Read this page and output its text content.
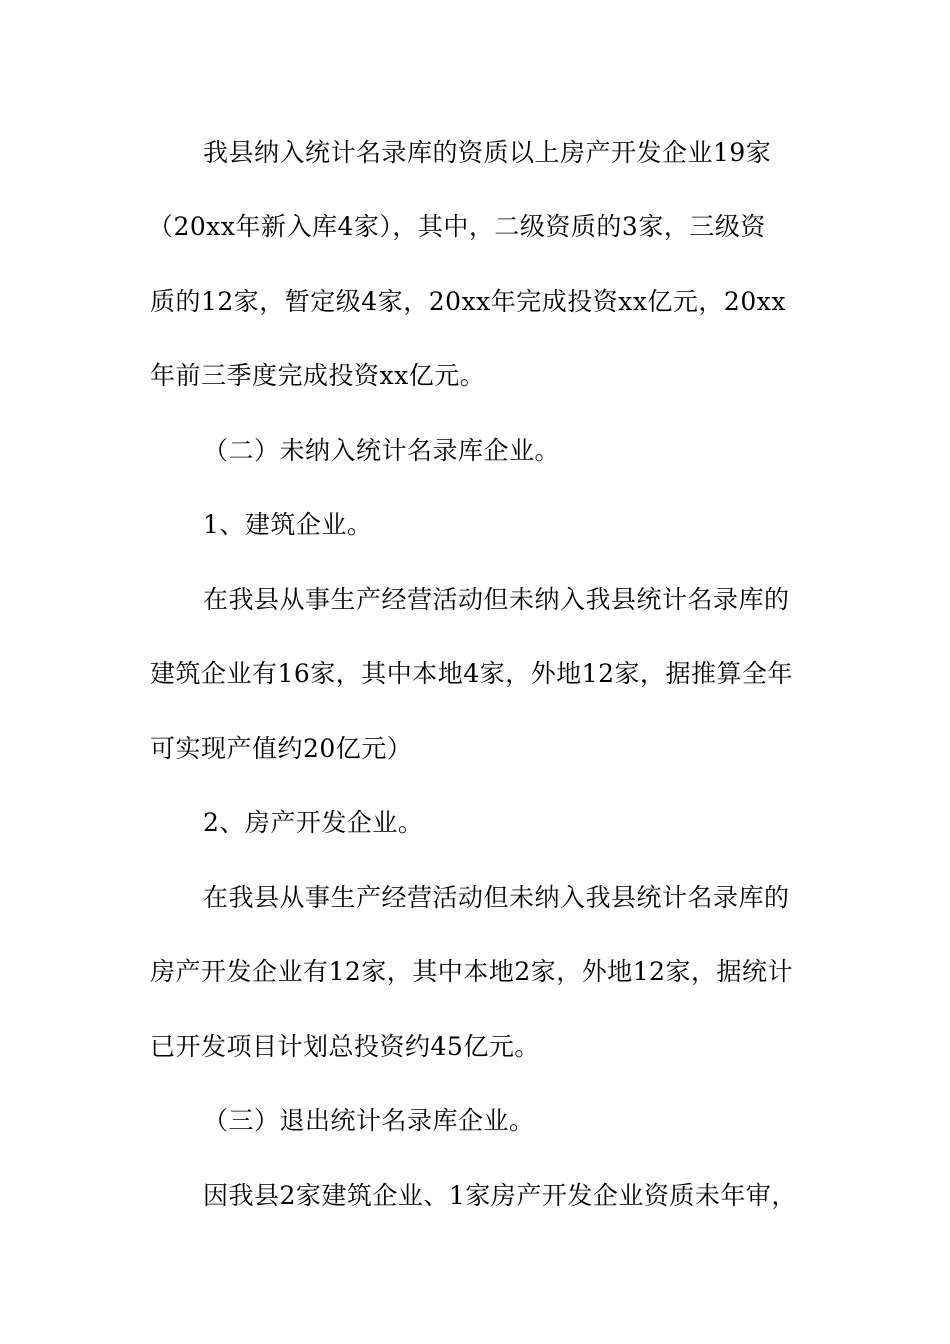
我县纳入统计名录库的资质以上房产开发企业19家
（20xx年新入库4家），其中，二级资质的3家，三级资
质的12家，暂定级4家，20xx年完成投资xx亿元，20xx
年前三季度完成投资xx亿元。
（二）未纳入统计名录库企业。
1、建筑企业。
在我县从事生产经营活动但未纳入我县统计名录库的
建筑企业有16家，其中本地4家，外地12家，据推算全年
可实现产值约20亿元）
2、房产开发企业。
在我县从事生产经营活动但未纳入我县统计名录库的
房产开发企业有12家，其中本地2家，外地12家，据统计
已开发项目计划总投资约45亿元。
（三）退出统计名录库企业。
因我县2家建筑企业、1家房产开发企业资质未年审，
